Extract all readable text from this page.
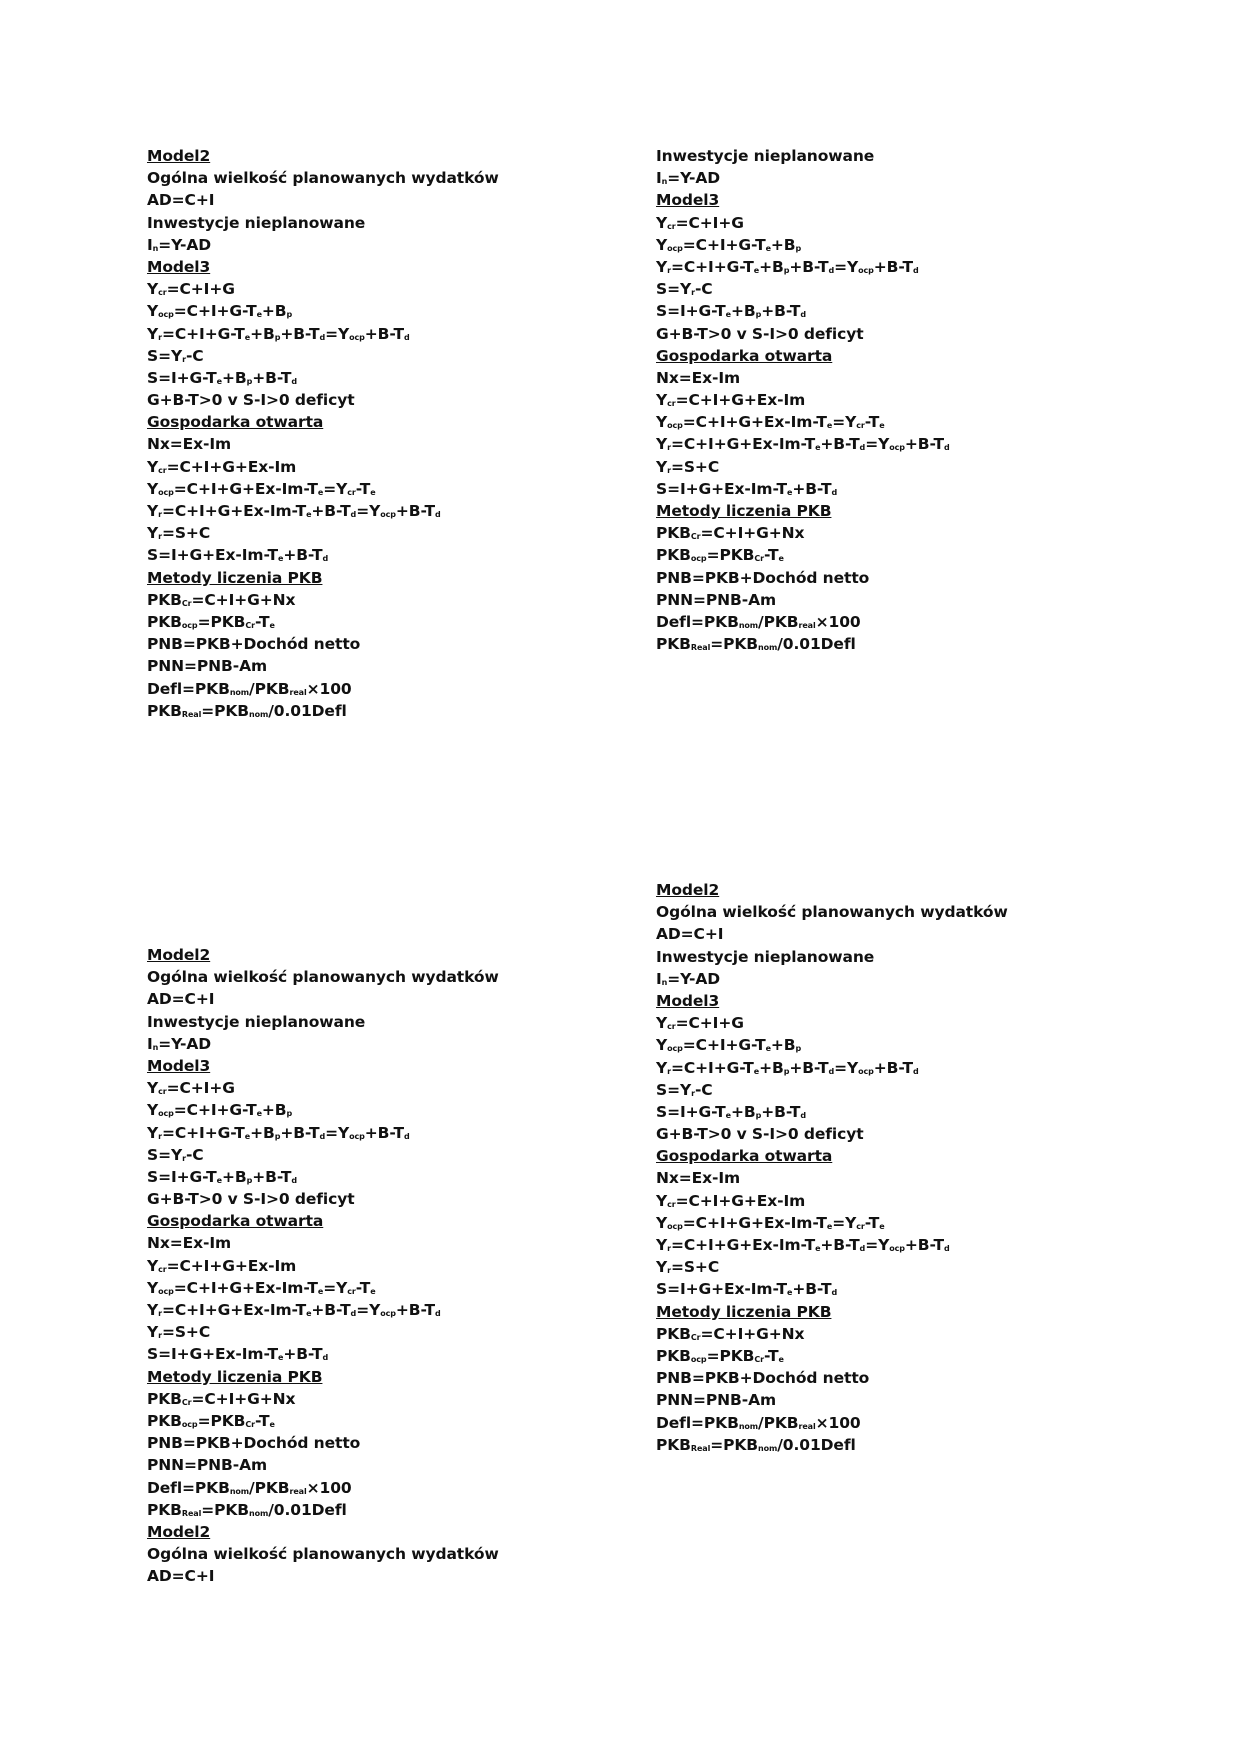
Model2
Ogólna wielkość planowanych wydatków
AD=C+I
Inwestycje nieplanowane
$I_n=Y-AD$
Model3
$Y_{cr}=C+I+G$
$Y_{ocp}=C+I+G-T_e+B_p$
$Y_r=C+I+G-T_e+B_p+B-T_d=Y_{ocp}+B-T_d$
$S=Y_r-C$
$S=I+G-T_e+B_p+B-T_d$
G+B-T>0 v S-I>0 deficyt
Gospodarka otwarta
Nx=Ex-Im
$Y_{cr}=C+I+G+Ex-Im$
$Y_{ocp}=C+I+G+Ex-Im-T_e=Y_{cr}-T_e$
$Y_r=C+I+G+Ex-Im-T_e+B-T_d=Y_{ocp}+B-T_d$
$Y_r=S+C$
$S=I+G+Ex-Im-T_e+B-T_d$
Metody liczenia PKB
$PKB_{Cr}=C+I+G+Nx$
$PKB_{ocp}=PKB_{Cr}-T_e$
PNB=PKB+Dochód netto
PNN=PNB-Am
$Defl=PKB_{nom}/PKB_{real}\times 100$
$PKB_{Real}=PKB_{nom}/0.01Defl$
Inwestycje nieplanowane
$I_n=Y-AD$
Model3
$Y_{cr}=C+I+G$
$Y_{ocp}=C+I+G-T_e+B_p$
$Y_r=C+I+G-T_e+B_p+B-T_d=Y_{ocp}+B-T_d$
$S=Y_r-C$
$S=I+G-T_e+B_p+B-T_d$
G+B-T>0 v S-I>0 deficyt
Gospodarka otwarta
Nx=Ex-Im
$Y_{cr}=C+I+G+Ex-Im$
$Y_{ocp}=C+I+G+Ex-Im-T_e=Y_{cr}-T_e$
$Y_r=C+I+G+Ex-Im-T_e+B-T_d=Y_{ocp}+B-T_d$
$Y_r=S+C$
$S=I+G+Ex-Im-T_e+B-T_d$
Metody liczenia PKB
$PKB_{Cr}=C+I+G+Nx$
$PKB_{ocp}=PKB_{Cr}-T_e$
PNB=PKB+Dochód netto
PNN=PNB-Am
$Defl=PKB_{nom}/PKB_{real}\times 100$
$PKB_{Real}=PKB_{nom}/0.01Defl$
Model2
Ogólna wielkość planowanych wydatków
AD=C+I
Inwestycje nieplanowane
$I_n=Y-AD$
Model3
$Y_{cr}=C+I+G$
$Y_{ocp}=C+I+G-T_e+B_p$
$Y_r=C+I+G-T_e+B_p+B-T_d=Y_{ocp}+B-T_d$
$S=Y_r-C$
$S=I+G-T_e+B_p+B-T_d$
G+B-T>0 v S-I>0 deficyt
Gospodarka otwarta
Nx=Ex-Im
$Y_{cr}=C+I+G+Ex-Im$
$Y_{ocp}=C+I+G+Ex-Im-T_e=Y_{cr}-T_e$
$Y_r=C+I+G+Ex-Im-T_e+B-T_d=Y_{ocp}+B-T_d$
$Y_r=S+C$
$S=I+G+Ex-Im-T_e+B-T_d$
Metody liczenia PKB
$PKB_{Cr}=C+I+G+Nx$
$PKB_{ocp}=PKB_{Cr}-T_e$
PNB=PKB+Dochód netto
PNN=PNB-Am
$Defl=PKB_{nom}/PKB_{real}\times 100$
$PKB_{Real}=PKB_{nom}/0.01Defl$
Model2
Ogólna wielkość planowanych wydatków
AD=C+I
Model2
Ogólna wielkość planowanych wydatków
AD=C+I
Inwestycje nieplanowane
$I_n=Y-AD$
Model3
$Y_{cr}=C+I+G$
$Y_{ocp}=C+I+G-T_e+B_p$
$Y_r=C+I+G-T_e+B_p+B-T_d=Y_{ocp}+B-T_d$
$S=Y_r-C$
$S=I+G-T_e+B_p+B-T_d$
G+B-T>0 v S-I>0 deficyt
Gospodarka otwarta
Nx=Ex-Im
$Y_{cr}=C+I+G+Ex-Im$
$Y_{ocp}=C+I+G+Ex-Im-T_e=Y_{cr}-T_e$
$Y_r=C+I+G+Ex-Im-T_e+B-T_d=Y_{ocp}+B-T_d$
$Y_r=S+C$
$S=I+G+Ex-Im-T_e+B-T_d$
Metody liczenia PKB
$PKB_{Cr}=C+I+G+Nx$
$PKB_{ocp}=PKB_{Cr}-T_e$
PNB=PKB+Dochód netto
PNN=PNB-Am
$Defl=PKB_{nom}/PKB_{real}\times 100$
$PKB_{Real}=PKB_{nom}/0.01Defl$
